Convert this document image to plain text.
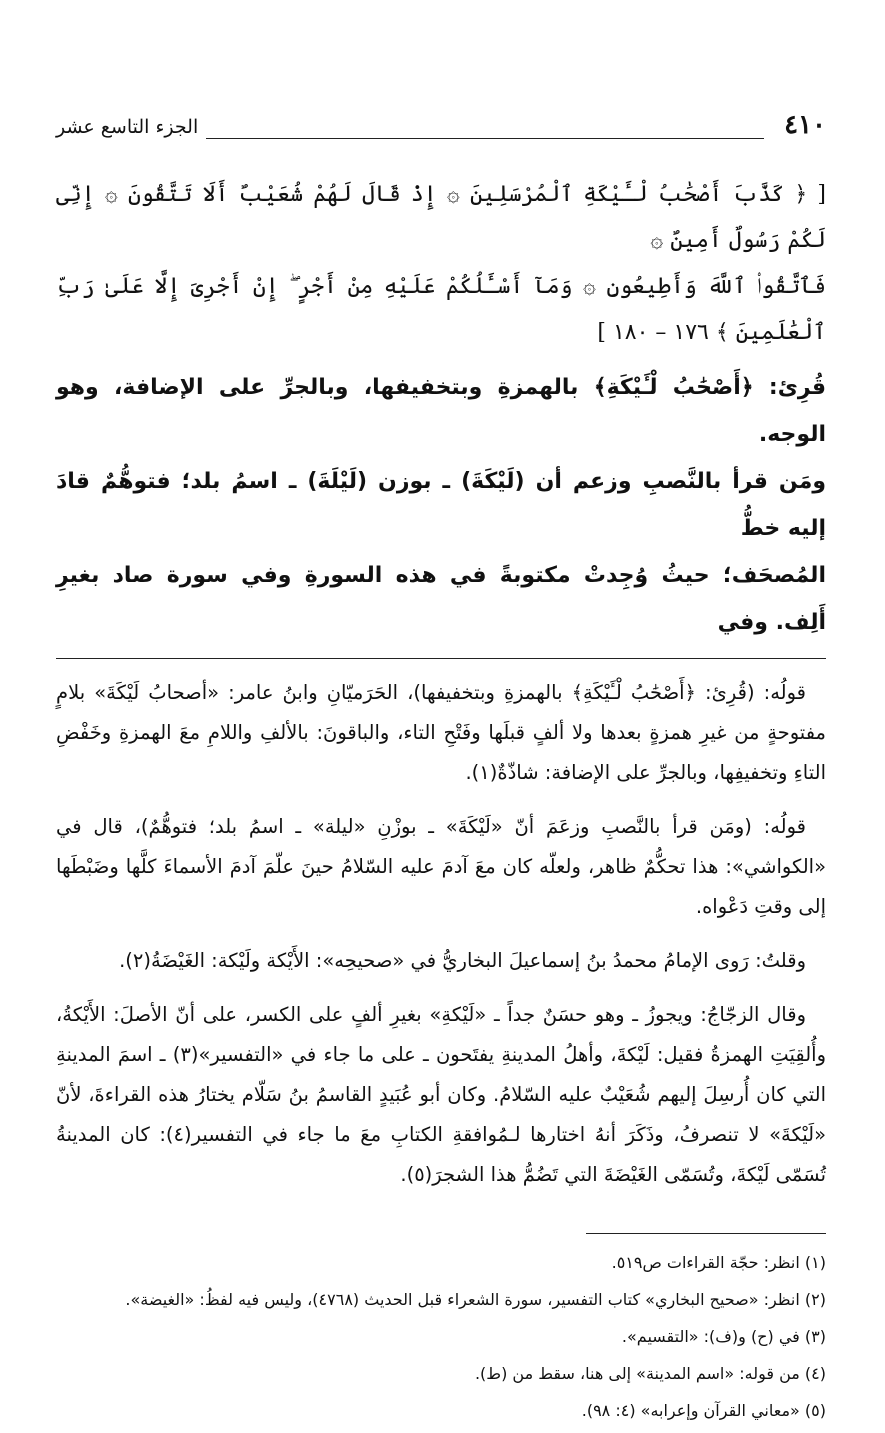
٤١٠
الجزء التاسع عشر
[ ﴿ كَذَّبَ أَصْحَٰبُ لْـَٔيْكَةِ ٱلْمُرْسَلِينَ ۞ إِذْ قَالَ لَهُمْ شُعَيْبٌ أَلَا تَتَّقُونَ ۞ إِنِّى لَكُمْ رَسُولٌ أَمِينٌ ۞
فَٱتَّقُوا۟ ٱللَّهَ وَأَطِيعُونِ ۞ وَمَآ أَسْـَٔلُكُمْ عَلَيْهِ مِنْ أَجْرٍ ۖ إِنْ أَجْرِىَ إِلَّا عَلَىٰ رَبِّ ٱلْعَٰلَمِينَ ﴾ ١٧٦ – ١٨٠ ]
قُرِئ: ﴿أَصْحَٰبُ لْـَٔيْكَةِ﴾ بالهمزةِ وبتخفيفها، وبالجرِّ على الإضافة، وهو الوجه.
ومَن قرأ بالنَّصبِ وزعم أن (لَيْكَةَ) ـ بوزن (لَيْلَةَ) ـ اسمُ بلد؛ فتوهُّمٌ قادَ إليه خطُّ
المُصحَف؛ حيثُ وُجِدتْ مكتوبةً في هذه السورةِ وفي سورة صاد بغيرِ أَلِف. وفي

قولُه: (قُرِئ: ﴿أَصْحَٰبُ لْـَٔيْكَةِ﴾ بالهمزةِ وبتخفيفها)، الحَرَميّانِ وابنُ عامر: «أصحابُ لَيْكَةَ» بلامٍ مفتوحةٍ من غيرِ همزةٍ بعدها ولا ألفٍ قبلَها وفَتْحِ التاء، والباقونَ: بالألفِ واللامِ معَ الهمزةِ وخَفْضِ التاءِ وتخفيفِها، وبالجرِّ على الإضافة: شاذّةٌ(١).

قولُه: (ومَن قرأ بالنَّصبِ وزعَمَ أنّ «لَيْكَةَ» ـ بوزْنِ «ليلة» ـ اسمُ بلد؛ فتوهُّمٌ)، قال في «الكواشي»: هذا تحكُّمٌ ظاهر، ولعلّه كان معَ آدمَ عليه السّلامُ حينَ علّمَ آدمَ الأسماءَ كلَّها وضَبْطَها إلى وقتِ دَعْواه.

وقلتُ: رَوى الإمامُ محمدُ بنُ إسماعيلَ البخاريُّ في «صحيحِه»: الأَيْكة ولَيْكة: الغَيْضَةُ(٢).

وقال الزجّاجُ: ويجوزُ ـ وهو حسَنٌ جداً ـ «لَيْكةِ» بغيرِ ألفٍ على الكسر، على أنّ الأصلَ: الأَيْكةُ، وأُلقِيَتِ الهمزةُ فقيل: لَيْكةَ، وأهلُ المدينةِ يفتَحون ـ على ما جاء في «التفسير»(٣) ـ اسمَ المدينةِ التي كان أُرسِلَ إليهم شُعَيْبٌ عليه السّلامُ. وكان أبو عُبَيدٍ القاسمُ بنُ سَلّام يختارُ هذه القراءةَ، لأنّ «لَيْكةَ» لا تنصرفُ، وذَكَرَ أنهُ اختارها لـمُوافقةِ الكتابِ معَ ما جاء في التفسير(٤): كان المدينةُ تُسَمّى لَيْكةَ، وتُسَمّى الغَيْضَةَ التي تَضُمُّ هذا الشجرَ(٥).

(١) انظر: حجّة القراءات ص٥١٩.

(٢) انظر: «صحيح البخاري» كتاب التفسير، سورة الشعراء قبل الحديث (٤٧٦٨)، وليس فيه لفظُ: «الغيضة».

(٣) في (ح) و(ف): «التقسيم».

(٤) من قوله: «اسم المدينة» إلى هنا، سقط من (ط).

(٥) «معاني القرآن وإعرابه» (٤: ٩٨).
